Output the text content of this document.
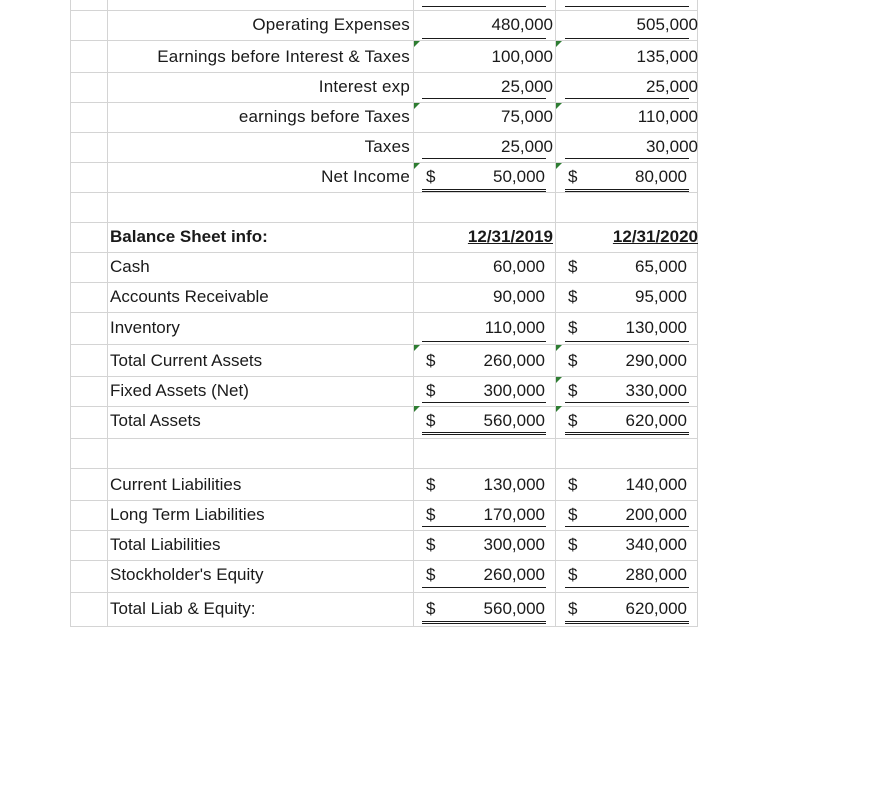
Operating Expenses	480,000	505,000
Earnings before Interest & Taxes	100,000	135,000
Interest exp	25,000	25,000
earnings before Taxes	75,000	110,000
Taxes	25,000	30,000
Net Income $	50,000	$	80,000
Balance Sheet info:	12/31/2019	12/31/2020
Cash	60,000	$	65,000
Accounts Receivable	90,000	$	95,000
Inventory	110,000	$	130,000
Total Current Assets	$	260,000	$	290,000
Fixed Assets (Net)	$	300,000	$	330,000
Total Assets	$	560,000	$	620,000
Current Liabilities	$	130,000	$	140,000
Long Term Liabilities	$	170,000	$	200,000
Total Liabilities	$	300,000	$	340,000
Stockholder's Equity	$	260,000	$	280,000
Total Liab & Equity:	$	560,000	$	620,000
